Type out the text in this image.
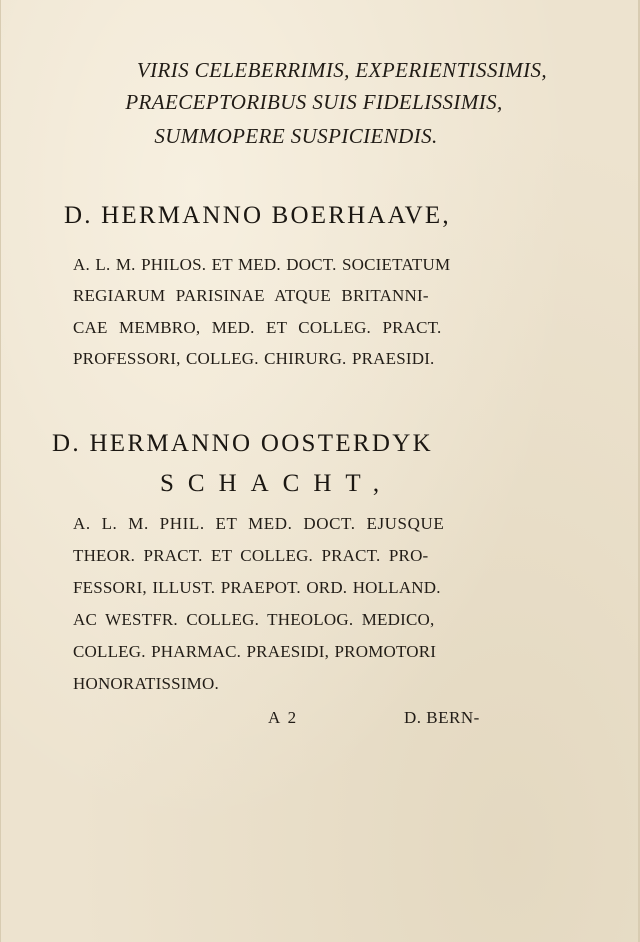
VIRIS CELEBERRIMIS, EXPERIENTISSIMIS,
PRAECEPTORIBUS SUIS FIDELISSIMIS,
SUMMOPERE SUSPICIENDIS.
D. HERMANNO BOERHAAVE,
A. L. M. PHILOS. ET MED. DOCT. SOCIETATUM
REGIARUM PARISINAE ATQUE BRITANNI-
CAE MEMBRO, MED. ET COLLEG. PRACT.
PROFESSORI, COLLEG. CHIRURG. PRAESIDI.
D. HERMANNO OOSTERDYK
SCHACHT,
A. L. M. PHIL. ET MED. DOCT. EJUSQUE
THEOR. PRACT. ET COLLEG. PRACT. PRO-
FESSORI, ILLUST. PRAEPOT. ORD. HOLLAND.
AC WESTFR. COLLEG. THEOLOG. MEDICO,
COLLEG. PHARMAC. PRAESIDI, PROMOTORI
HONORATISSIMO.
A 2	D. BERN-
